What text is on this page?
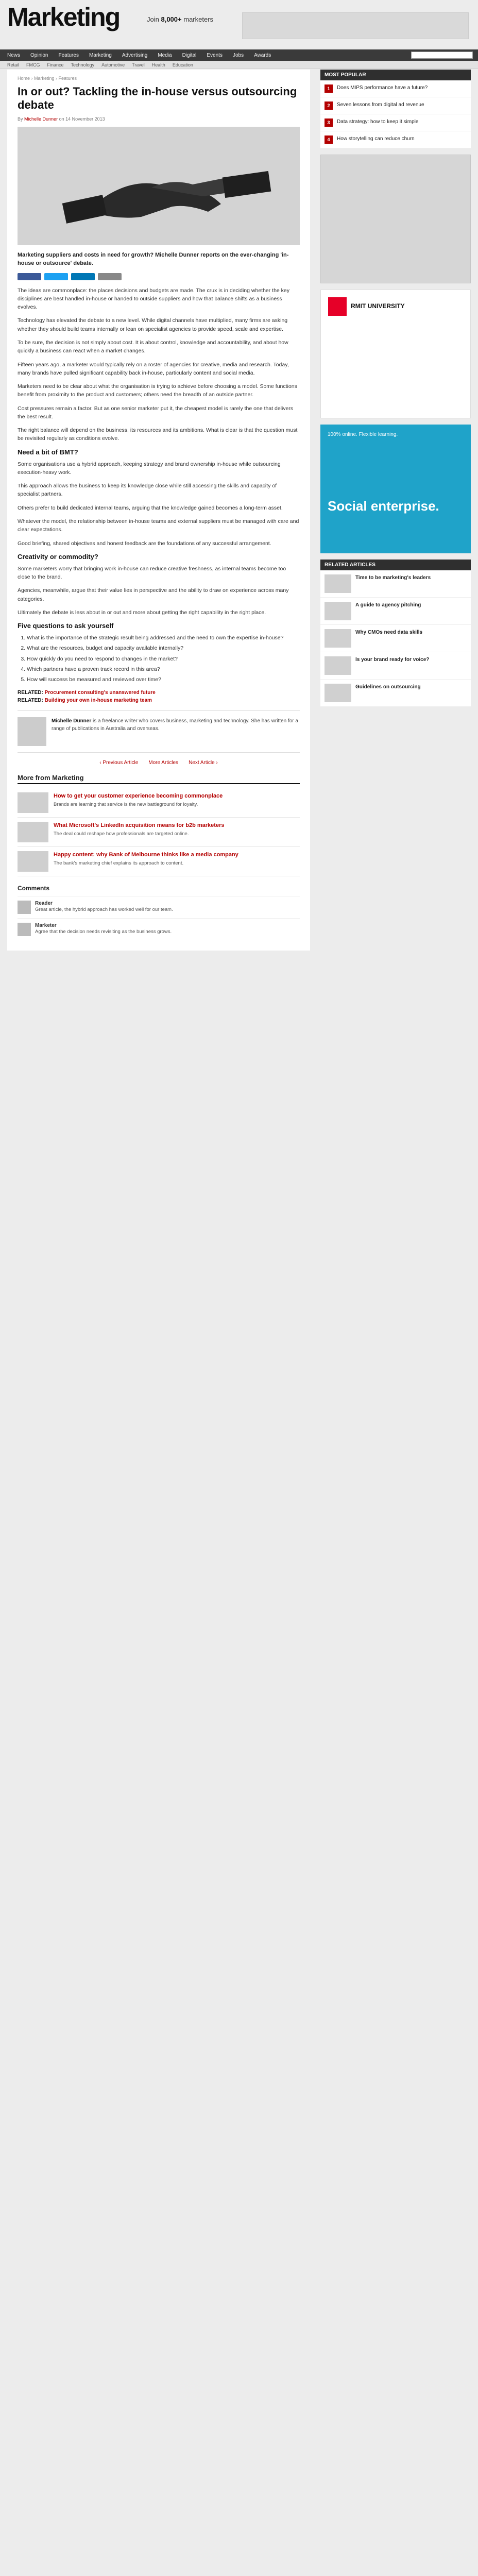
Marketing	Join 8,000+ marketers
News Opinion Features Marketing Advertising Media Digital Events Jobs Awards
Retail FMCG Finance Technology Automotive Travel Health Education
Home › Marketing › Features
In or out? Tackling the in-house versus outsourcing debate
By Michelle Dunner on 14 November 2013

Marketing suppliers and costs in need for growth? Michelle Dunner reports on the ever-changing 'in-house or outsource' debate.

The ideas are commonplace: the places decisions and budgets are made. The crux is in deciding whether the key disciplines are best handled in-house or handed to outside suppliers and how that balance shifts as a business evolves.

Technology has elevated the debate to a new level. While digital channels have multiplied, many firms are asking whether they should build teams internally or lean on specialist agencies to provide speed, scale and expertise.

To be sure, the decision is not simply about cost. It is about control, knowledge and accountability, and about how quickly a business can react when a market changes.

Fifteen years ago, a marketer would typically rely on a roster of agencies for creative, media and research. Today, many brands have pulled significant capability back in-house, particularly content and social media.

Marketers need to be clear about what the organisation is trying to achieve before choosing a model. Some functions benefit from proximity to the product and customers; others need the breadth of an outside partner.

Cost pressures remain a factor. But as one senior marketer put it, the cheapest model is rarely the one that delivers the best result.

The right balance will depend on the business, its resources and its ambitions. What is clear is that the question must be revisited regularly as conditions evolve.

Need a bit of BMT?

Some organisations use a hybrid approach, keeping strategy and brand ownership in-house while outsourcing execution-heavy work.

This approach allows the business to keep its knowledge close while still accessing the skills and capacity of specialist partners.

Others prefer to build dedicated internal teams, arguing that the knowledge gained becomes a long-term asset.

Whatever the model, the relationship between in-house teams and external suppliers must be managed with care and clear expectations.

Good briefing, shared objectives and honest feedback are the foundations of any successful arrangement.

Creativity or commodity?

Some marketers worry that bringing work in-house can reduce creative freshness, as internal teams become too close to the brand.

Agencies, meanwhile, argue that their value lies in perspective and the ability to draw on experience across many categories.

Ultimately the debate is less about in or out and more about getting the right capability in the right place.

Five questions to ask yourself
1. What is the importance of the strategic result being addressed and the need to own the expertise in-house?
2. What are the resources, budget and capacity available internally?
3. How quickly do you need to respond to changes in the market?
4. Which partners have a proven track record in this area?
5. How will success be measured and reviewed over time?
RELATED: Procurement consulting's unanswered future
RELATED: Building your own in-house marketing team

Michelle Dunner is a freelance writer who covers business, marketing and technology. She has written for a range of publications in Australia and overseas.

‹ Previous Article More Articles Next Article ›
More from Marketing
How to get your customer experience becoming commonplace
Brands are learning that service is the new battleground for loyalty.
What Microsoft's LinkedIn acquisition means for b2b marketers
The deal could reshape how professionals are targeted online.
Happy content: why Bank of Melbourne thinks like a media company
The bank's marketing chief explains its approach to content.
Comments
Reader
Great article, the hybrid approach has worked well for our team.
Marketer
Agree that the decision needs revisiting as the business grows.
MOST POPULAR
1	Does MIPS performance have a future?
2	Seven lessons from digital ad revenue
3	Data strategy: how to keep it simple
4	How storytelling can reduce churn
RMIT UNIVERSITY
100% online. Flexible learning.
Social enterprise.
RELATED ARTICLES
Time to be marketing's leaders
A guide to agency pitching
Why CMOs need data skills
Is your brand ready for voice?
Guidelines on outsourcing
